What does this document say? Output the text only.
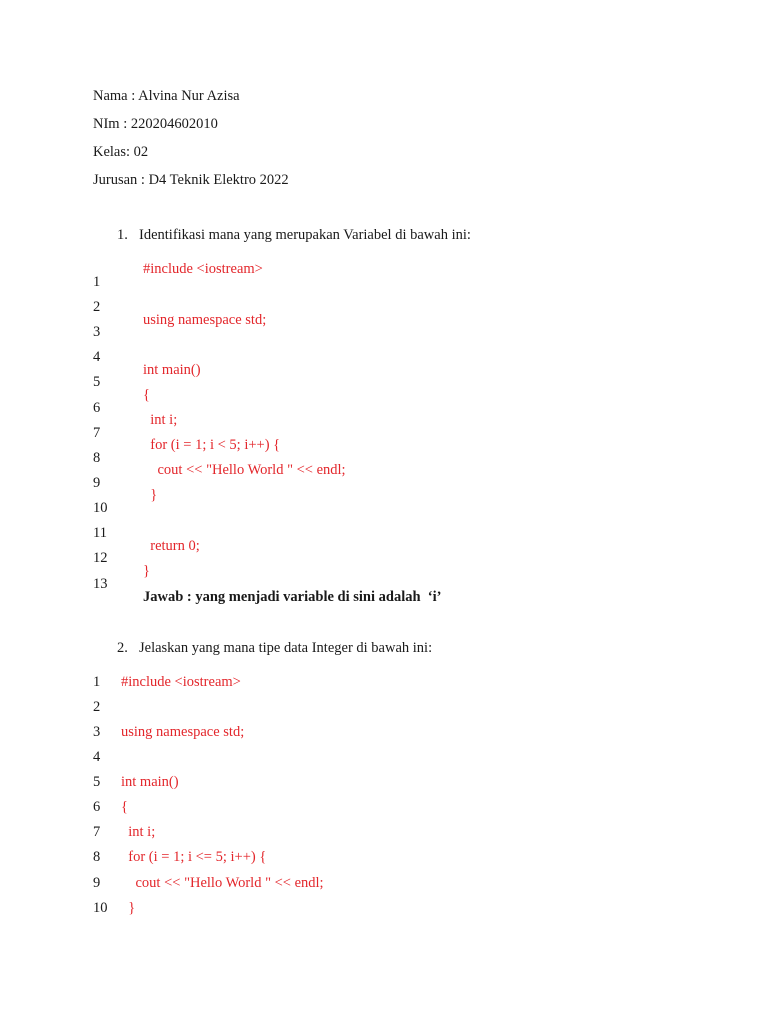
Nama : Alvina Nur Azisa
NIm : 220204602010
Kelas: 02
Jurusan : D4 Teknik Elektro 2022
1. Identifikasi mana yang merupakan Variabel di bawah ini:
1
2
3
4
5
6
7
8
9
10
11
12
13
#include <iostream>
using namespace std;
int main()
{
int i;
for (i = 1; i < 5; i++) {
cout << "Hello World " << endl;
}
return 0;
}
Jawab : yang menjadi variable di sini adalah  ‘i’
2. Jelaskan yang mana tipe data Integer di bawah ini:
1 #include <iostream>
2
3 using namespace std;
4
5 int main()
6 {
7 int i;
8 for (i = 1; i <= 5; i++) {
9 cout << "Hello World " << endl;
10 }
